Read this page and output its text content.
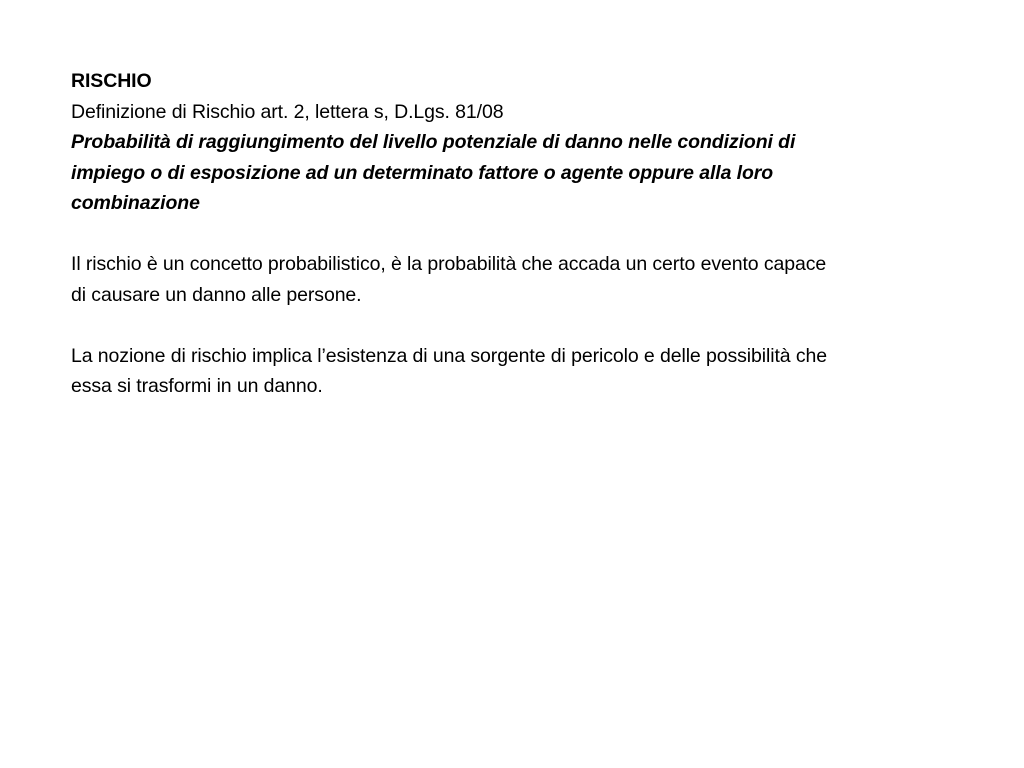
RISCHIO
Definizione di Rischio art. 2, lettera s, D.Lgs. 81/08
Probabilità di raggiungimento del livello potenziale di danno nelle condizioni di
impiego o di esposizione ad un determinato fattore o agente oppure alla loro
combinazione
Il rischio è un concetto probabilistico, è la probabilità che accada un certo evento capace
di causare un danno alle persone.
La nozione di rischio implica l’esistenza di una sorgente di pericolo e delle possibilità che
essa si trasformi in un danno.
